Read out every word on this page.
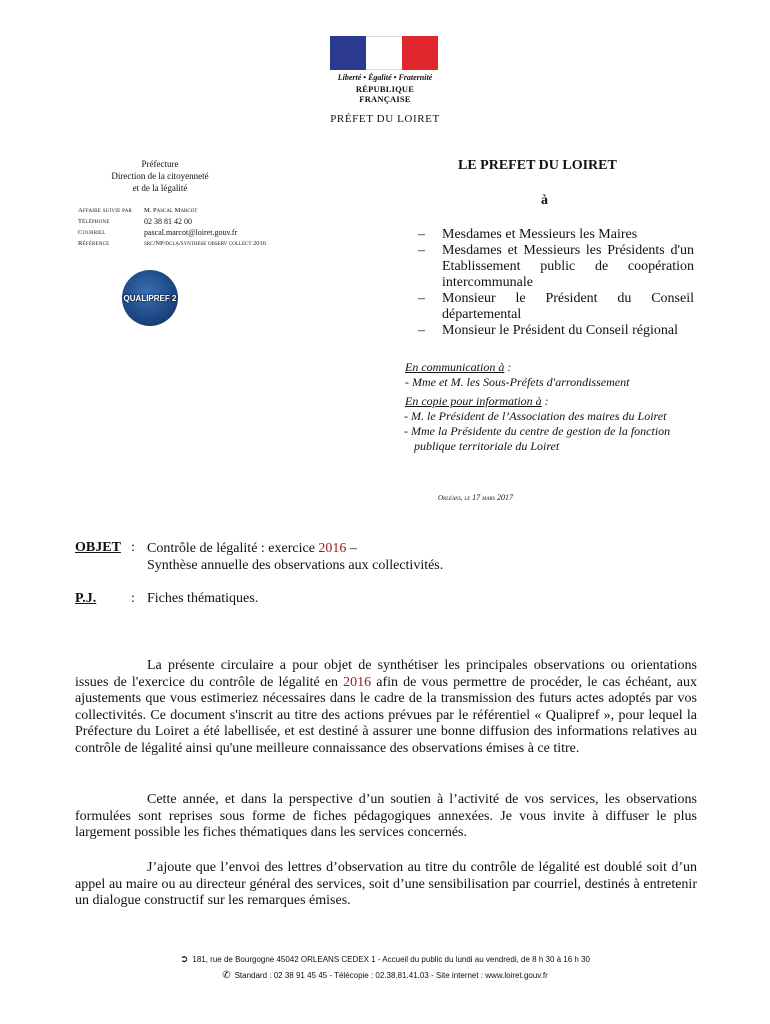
Liberté • Égalité • Fraternité
RÉPUBLIQUE FRANÇAISE
PRÉFET DU LOIRET
Préfecture
Direction de la citoyenneté
et de la légalité
Affaire suivie par	M. Pascal Marcot
Téléphone	02 38 81 42 00
Courriel	pascal.marcot@loiret.gouv.fr
Référence	src/NP/dcla/synthese observ collect 2016
QUALIPREF 2
LE PREFET DU LOIRET
à
–	Mesdames et Messieurs les Maires
–	Mesdames et Messieurs les Présidents d'un Etablissement public de coopération intercommunale
–	Monsieur le Président du Conseil départemental
–	Monsieur le Président du Conseil régional
En communication à :
- Mme et M. les Sous-Préfets d'arrondissement
En copie pour information à :
- M. le Président de l’Association des maires du Loiret
- Mme la Présidente du centre de gestion de la fonction publique territoriale du Loiret
Orléans, le 17 mars 2017
OBJET : Contrôle de légalité : exercice 2016 –
Synthèse annuelle des observations aux collectivités.
P.J. : Fiches thématiques.

La présente circulaire a pour objet de synthétiser les principales observations ou orientations issues de l'exercice du contrôle de légalité en 2016 afin de vous permettre de procéder, le cas échéant, aux ajustements que vous estimeriez nécessaires dans le cadre de la transmission des futurs actes adoptés par vos collectivités. Ce document s'inscrit au titre des actions prévues par le référentiel « Qualipref », pour lequel la Préfecture du Loiret a été labellisée, et est destiné à assurer une bonne diffusion des informations relatives au contrôle de légalité ainsi qu'une meilleure connaissance des observations émises à ce titre.

Cette année, et dans la perspective d’un soutien à l’activité de vos services, les observations formulées sont reprises sous forme de fiches pédagogiques annexées. Je vous invite à diffuser le plus largement possible les fiches thématiques dans les services concernés.

J’ajoute que l’envoi des lettres d’observation au titre du contrôle de légalité est doublé soit d’un appel au maire ou au directeur général des services, soit d’une sensibilisation par courriel, destinés à entretenir un dialogue constructif sur les remarques émises.

➲ 181, rue de Bourgogne 45042 ORLEANS CEDEX 1 - Accueil du public du lundi au vendredi, de 8 h 30 à 16 h 30
✆ Standard : 02 38 91 45 45 - Télécopie : 02.38.81.41.03 - Site internet : www.loiret.gouv.fr
